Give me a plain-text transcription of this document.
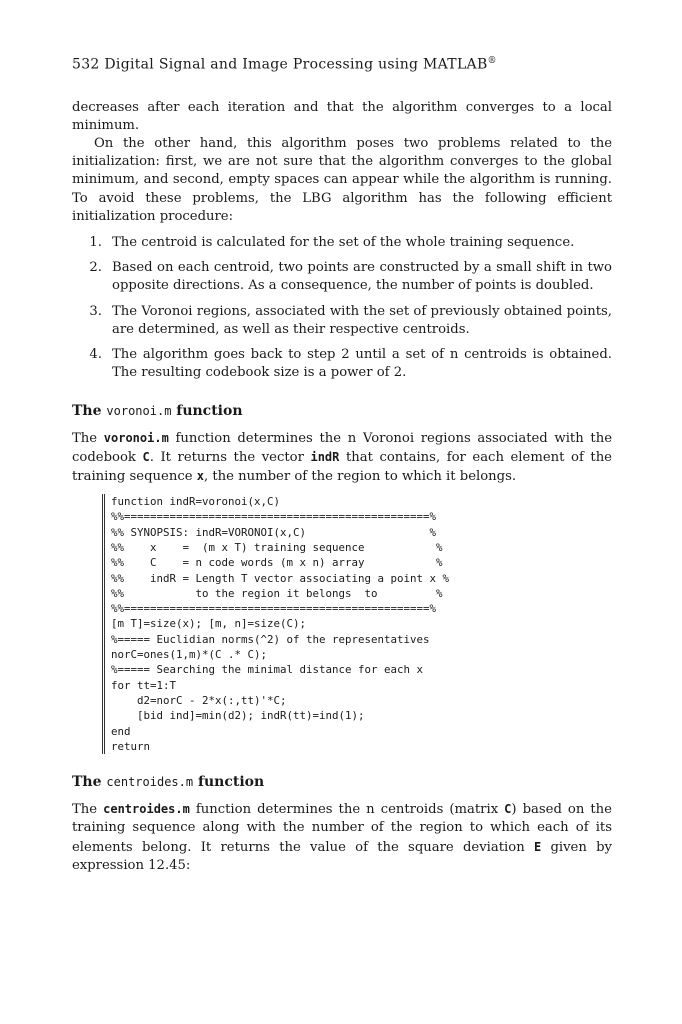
532 Digital Signal and Image Processing using MATLAB®

decreases after each iteration and that the algorithm converges to a local minimum.

On the other hand, this algorithm poses two problems related to the initialization: first, we are not sure that the algorithm converges to the global minimum, and second, empty spaces can appear while the algorithm is running. To avoid these problems, the LBG algorithm has the following efficient initialization procedure:

1. The centroid is calculated for the set of the whole training sequence.
2. Based on each centroid, two points are constructed by a small shift in two opposite directions. As a consequence, the number of points is doubled.
3. The Voronoi regions, associated with the set of previously obtained points, are determined, as well as their respective centroids.
4. The algorithm goes back to step 2 until a set of n centroids is obtained. The resulting codebook size is a power of 2.
The voronoi.m function

The voronoi.m function determines the n Voronoi regions associated with the codebook C. It returns the vector indR that contains, for each element of the training sequence x, the number of the region to which it belongs.

function indR=voronoi(x,C)
%%===============================================%
%% SYNOPSIS: indR=VORONOI(x,C)                   %
%%    x    =  (m x T) training sequence           %
%%    C    = n code words (m x n) array           %
%%    indR = Length T vector associating a point x %
%%           to the region it belongs  to         %
%%===============================================%
[m T]=size(x); [m, n]=size(C);
%===== Euclidian norms(^2) of the representatives
norC=ones(1,m)*(C .* C);
%===== Searching the minimal distance for each x
for tt=1:T
d2=norC - 2*x(:,tt)'*C;
[bid ind]=min(d2); indR(tt)=ind(1);
end
return

The centroides.m function

The centroides.m function determines the n centroids (matrix C) based on the training sequence along with the number of the region to which each of its elements belong. It returns the value of the square deviation E given by expression 12.45:
